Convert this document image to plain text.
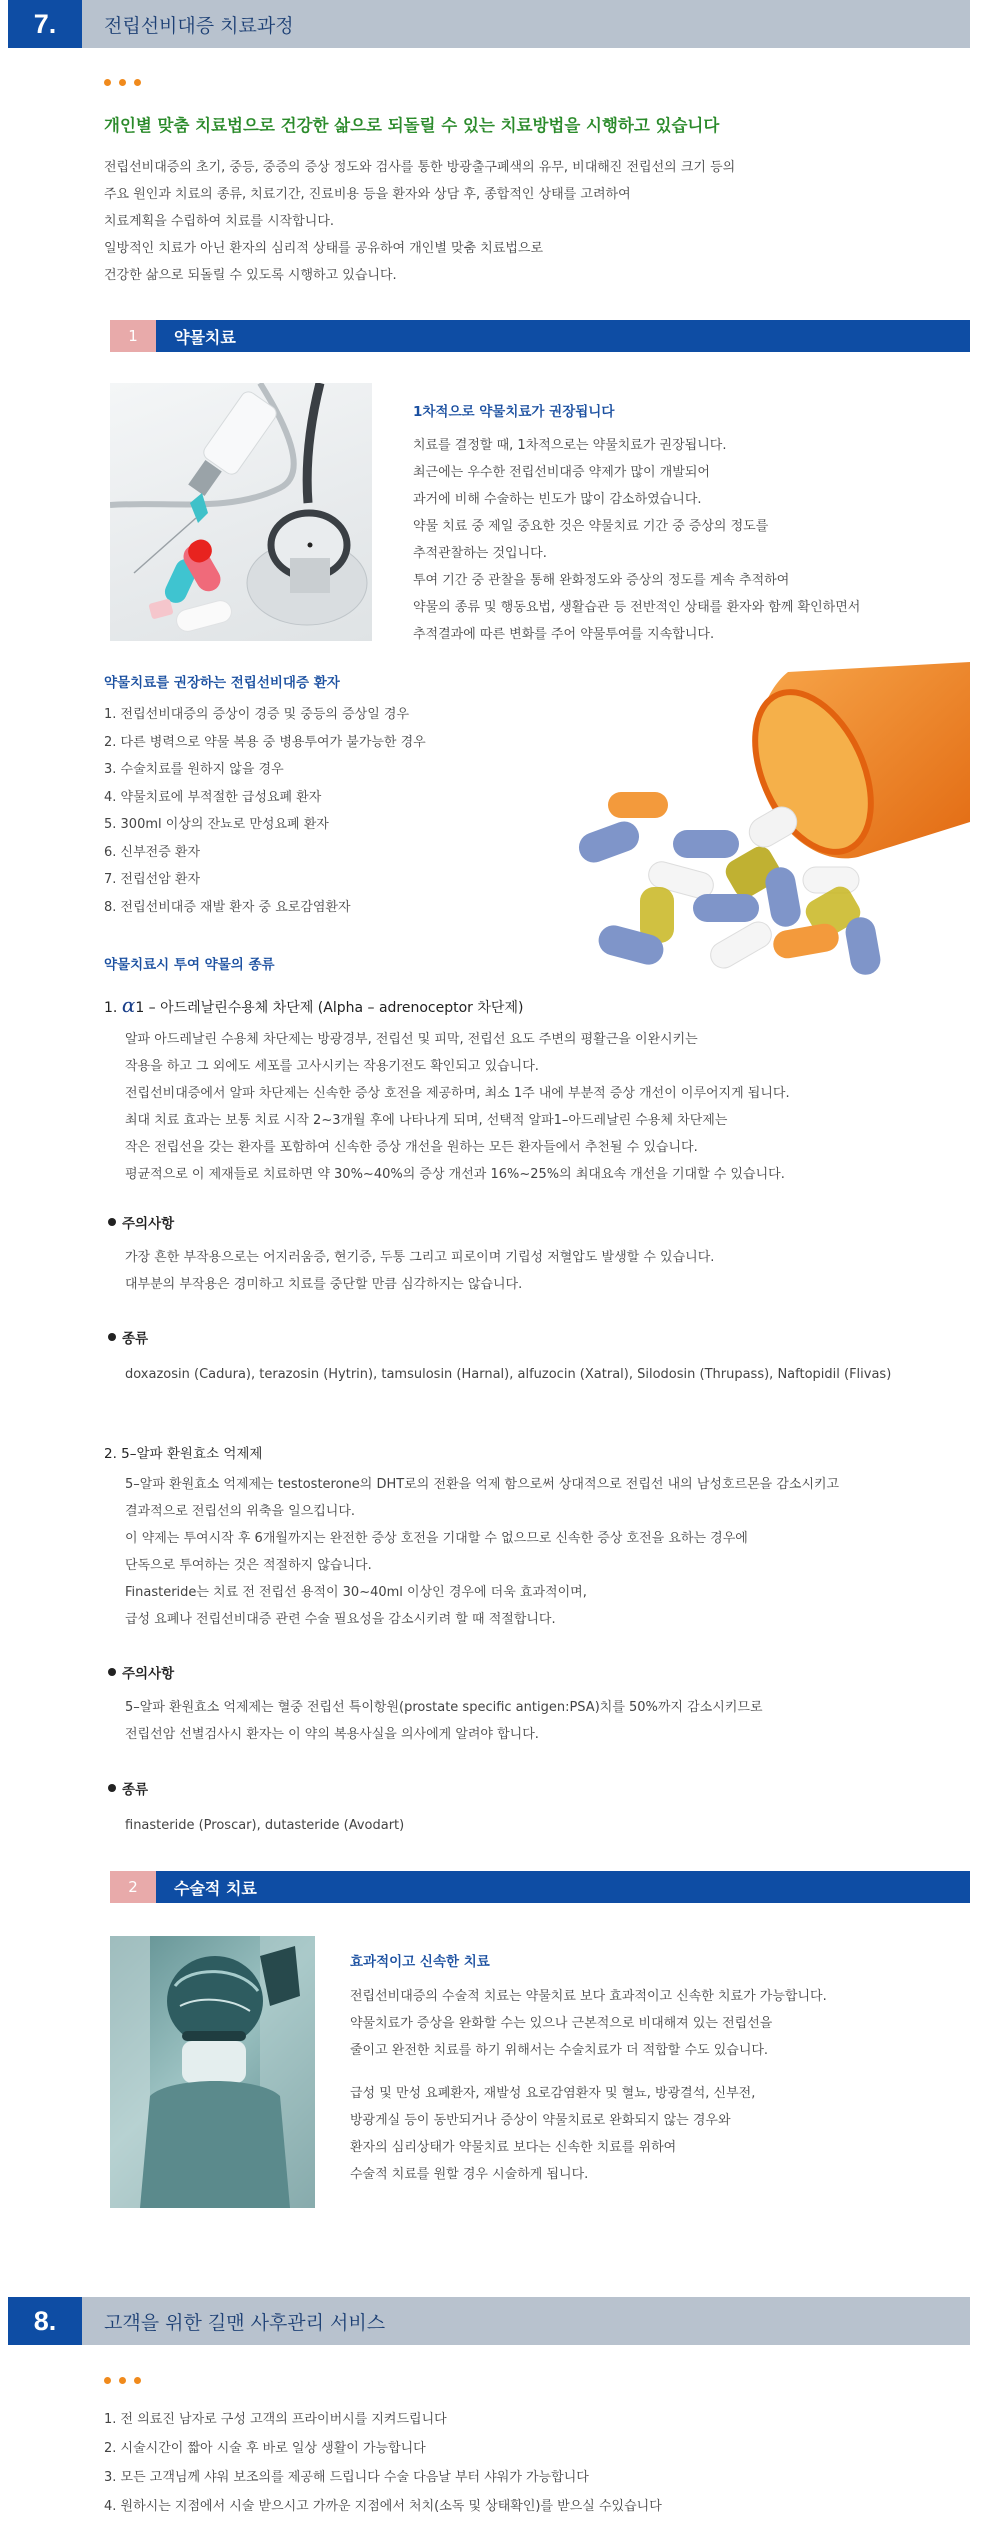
7.	전립선비대증 치료과정
개인별 맞춤 치료법으로 건강한 삶으로 되돌릴 수 있는 치료방법을 시행하고 있습니다
전립선비대증의 초기, 중등, 중증의 증상 정도와 검사를 통한 방광출구폐색의 유무, 비대해진 전립선의 크기 등의
주요 원인과 치료의 종류, 치료기간, 진료비용 등을 환자와 상담 후, 종합적인 상태를 고려하여
치료계획을 수립하여 치료를 시작합니다.
일방적인 치료가 아닌 환자의 심리적 상태를 공유하여 개인별 맞춤 치료법으로
건강한 삶으로 되돌릴 수 있도록 시행하고 있습니다.
1	약물치료
1차적으로 약물치료가 권장됩니다
치료를 결정할 때, 1차적으로는 약물치료가 권장됩니다.
최근에는 우수한 전립선비대증 약제가 많이 개발되어
과거에 비해 수술하는 빈도가 많이 감소하였습니다.
약물 치료 중 제일 중요한 것은 약물치료 기간 중 증상의 정도를
추적관찰하는 것입니다.
투여 기간 중 관찰을 통해 완화정도와 증상의 정도를 계속 추적하여
약물의 종류 및 행동요법, 생활습관 등 전반적인 상태를 환자와 함께 확인하면서
추적결과에 따른 변화를 주어 약물투여를 지속합니다.
약물치료를 권장하는 전립선비대증 환자
1. 전립선비대증의 증상이 경증 및 중등의 증상일 경우
2. 다른 병력으로 약물 복용 중 병용투여가 불가능한 경우
3. 수술치료를 원하지 않을 경우
4. 약물치료에 부적절한 급성요폐 환자
5. 300ml 이상의 잔뇨로 만성요폐 환자
6. 신부전증 환자
7. 전립선암 환자
8. 전립선비대증 재발 환자 중 요로감염환자
약물치료시 투여 약물의 종류
1. α1 – 아드레날린수용체 차단제 (Alpha – adrenoceptor 차단제)
알파 아드레날린 수용체 차단제는 방광경부, 전립선 및 피막, 전립선 요도 주변의 평활근을 이완시키는
작용을 하고 그 외에도 세포를 고사시키는 작용기전도 확인되고 있습니다.
전립선비대증에서 알파 차단제는 신속한 증상 호전을 제공하며, 최소 1주 내에 부분적 증상 개선이 이루어지게 됩니다.
최대 치료 효과는 보통 치료 시작 2~3개월 후에 나타나게 되며, 선택적 알파1–아드레날린 수용체 차단제는
작은 전립선을 갖는 환자를 포함하여 신속한 증상 개선을 원하는 모든 환자들에서 추천될 수 있습니다.
평균적으로 이 제재들로 치료하면 약 30%~40%의 증상 개선과 16%~25%의 최대요속 개선을 기대할 수 있습니다.
주의사항
가장 흔한 부작용으로는 어지러움증, 현기증, 두통 그리고 피로이며 기립성 저혈압도 발생할 수 있습니다.
대부분의 부작용은 경미하고 치료를 중단할 만큼 심각하지는 않습니다.
종류
doxazosin (Cadura), terazosin (Hytrin), tamsulosin (Harnal), alfuzocin (Xatral), Silodosin (Thrupass), Naftopidil (Flivas)
2. 5–알파 환원효소 억제제
5–알파 환원효소 억제제는 testosterone의 DHT로의 전환을 억제 함으로써 상대적으로 전립선 내의 남성호르몬을 감소시키고
결과적으로 전립선의 위축을 일으킵니다.
이 약제는 투여시작 후 6개월까지는 완전한 증상 호전을 기대할 수 없으므로 신속한 증상 호전을 요하는 경우에
단독으로 투여하는 것은 적절하지 않습니다.
Finasteride는 치료 전 전립선 용적이 30~40ml 이상인 경우에 더욱 효과적이며,
급성 요폐나 전립선비대증 관련 수술 필요성을 감소시키려 할 때 적절합니다.
주의사항
5–알파 환원효소 억제제는 혈중 전립선 특이항원(prostate specific antigen:PSA)치를 50%까지 감소시키므로
전립선암 선별검사시 환자는 이 약의 복용사실을 의사에게 알려야 합니다.
종류
finasteride (Proscar), dutasteride (Avodart)
2	수술적 치료
효과적이고 신속한 치료
전립선비대증의 수술적 치료는 약물치료 보다 효과적이고 신속한 치료가 가능합니다.
약물치료가 증상을 완화할 수는 있으나 근본적으로 비대해져 있는 전립선을
줄이고 완전한 치료를 하기 위해서는 수술치료가 더 적합할 수도 있습니다.
급성 및 만성 요폐환자, 재발성 요로감염환자 및 혈뇨, 방광결석, 신부전,
방광게실 등이 동반되거나 증상이 약물치료로 완화되지 않는 경우와
환자의 심리상태가 약물치료 보다는 신속한 치료를 위하여
수술적 치료를 원할 경우 시술하게 됩니다.
8.	고객을 위한 길맨 사후관리 서비스
1. 전 의료진 남자로 구성 고객의 프라이버시를 지켜드립니다
2. 시술시간이 짧아 시술 후 바로 일상 생활이 가능합니다
3. 모든 고객님께 샤워 보조의를 제공해 드립니다 수술 다음날 부터 샤워가 가능합니다
4. 원하시는 지점에서 시술 받으시고 가까운 지점에서 처치(소독 및 상태확인)를 받으실 수있습니다
